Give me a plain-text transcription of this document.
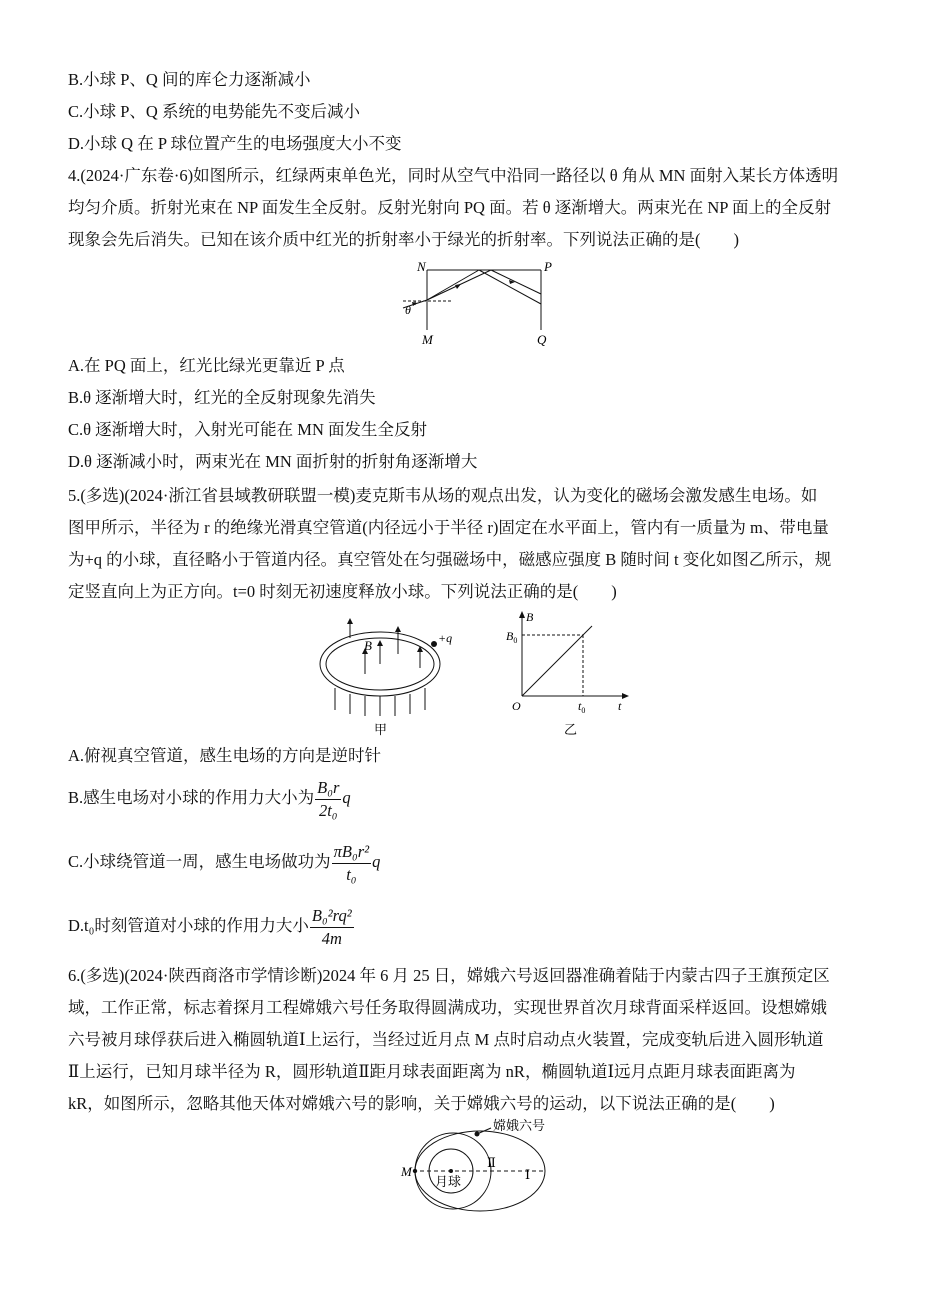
B.小球 P、Q 间的库仑力逐渐减小
C.小球 P、Q 系统的电势能先不变后减小
D.小球 Q 在 P 球位置产生的电场强度大小不变
4.(2024·广东卷·6)如图所示，红绿两束单色光，同时从空气中沿同一路径以 θ 角从 MN 面射入某长方体透明
均匀介质。折射光束在 NP 面发生全反射。反射光射向 PQ 面。若 θ 逐渐增大。两束光在 NP 面上的全反射
现象会先后消失。已知在该介质中红光的折射率小于绿光的折射率。下列说法正确的是(　　)
N	P
M	Q
θ
A.在 PQ 面上，红光比绿光更靠近 P 点
B.θ 逐渐增大时，红光的全反射现象先消失
C.θ 逐渐增大时，入射光可能在 MN 面发生全反射
D.θ 逐渐减小时，两束光在 MN 面折射的折射角逐渐增大
5.(多选)(2024·浙江省县域教研联盟一模)麦克斯韦从场的观点出发，认为变化的磁场会激发感生电场。如
图甲所示，半径为 r 的绝缘光滑真空管道(内径远小于半径 r)固定在水平面上，管内有一质量为 m、带电量
为+q 的小球，直径略小于管道内径。真空管处在匀强磁场中，磁感应强度 B 随时间 t 变化如图乙所示，规
定竖直向上为正方向。t=0 时刻无初速度释放小球。下列说法正确的是(　　)
B	+q
甲
B
t
O
$B_0$
$t_0$
乙
A.俯视真空管道，感生电场的方向是逆时针
B.感生电场对小球的作用力大小为 $\frac{\text{B₀r}}{\text{2t₀}}$ q
C.小球绕管道一周，感生电场做功为 $\frac{\text{πB₀r²}}{\text{t₀}}$ q
D.t₀时刻管道对小球的作用力大小 $\frac{\text{B₀²rq²}}{4m}$
6.(多选)(2024·陕西商洛市学情诊断)2024 年 6 月 25 日，嫦娥六号返回器准确着陆于内蒙古四子王旗预定区
域，工作正常，标志着探月工程嫦娥六号任务取得圆满成功，实现世界首次月球背面采样返回。设想嫦娥
六号被月球俘获后进入椭圆轨道Ⅰ上运行，当经过近月点 M 点时启动点火装置，完成变轨后进入圆形轨道
Ⅱ上运行，已知月球半径为 R，圆形轨道Ⅱ距月球表面距离为 nR，椭圆轨道Ⅰ远月点距月球表面距离为
kR，如图所示，忽略其他天体对嫦娥六号的影响，关于嫦娥六号的运动，以下说法正确的是(　　)
嫦娥六号
M
月球
Ⅱ
Ⅰ
